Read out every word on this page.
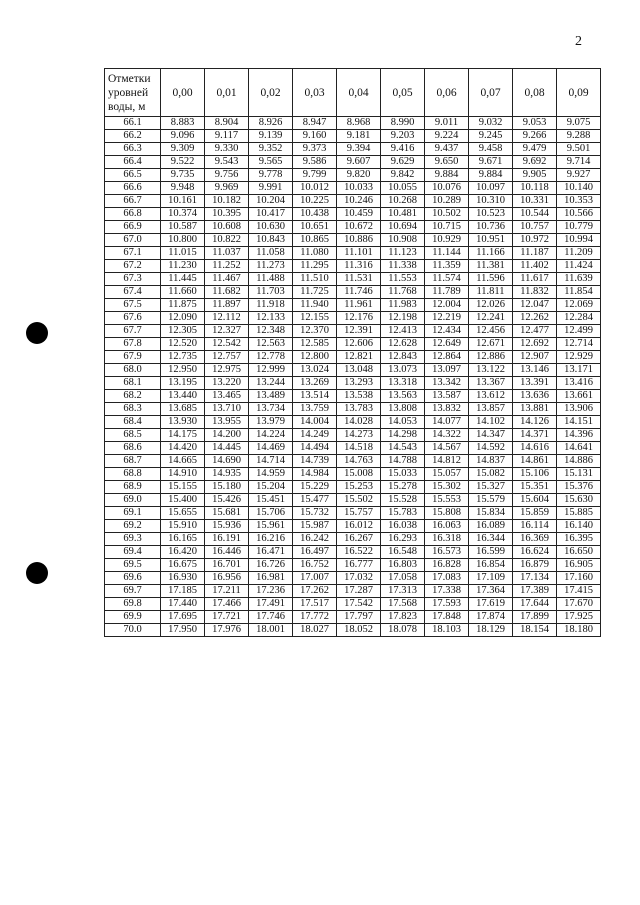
2
Отметки уровней воды, м	0,00	0,01	0,02	0,03	0,04	0,05	0,06	0,07	0,08	0,09
66.1	8.883	8.904	8.926	8.947	8.968	8.990	9.011	9.032	9.053	9.075
66.2	9.096	9.117	9.139	9.160	9.181	9.203	9.224	9.245	9.266	9.288
66.3	9.309	9.330	9.352	9.373	9.394	9.416	9.437	9.458	9.479	9.501
66.4	9.522	9.543	9.565	9.586	9.607	9.629	9.650	9.671	9.692	9.714
66.5	9.735	9.756	9.778	9.799	9.820	9.842	9.884	9.884	9.905	9.927
66.6	9.948	9.969	9.991	10.012	10.033	10.055	10.076	10.097	10.118	10.140
66.7	10.161	10.182	10.204	10.225	10.246	10.268	10.289	10.310	10.331	10.353
66.8	10.374	10.395	10.417	10.438	10.459	10.481	10.502	10.523	10.544	10.566
66.9	10.587	10.608	10.630	10.651	10.672	10.694	10.715	10.736	10.757	10.779
67.0	10.800	10.822	10.843	10.865	10.886	10.908	10.929	10.951	10.972	10.994
67.1	11.015	11.037	11.058	11.080	11.101	11.123	11.144	11.166	11.187	11.209
67.2	11.230	11.252	11.273	11.295	11.316	11.338	11.359	11.381	11.402	11.424
67.3	11.445	11.467	11.488	11.510	11.531	11.553	11.574	11.596	11.617	11.639
67.4	11.660	11.682	11.703	11.725	11.746	11.768	11.789	11.811	11.832	11.854
67.5	11.875	11.897	11.918	11.940	11.961	11.983	12.004	12.026	12.047	12.069
67.6	12.090	12.112	12.133	12.155	12.176	12.198	12.219	12.241	12.262	12.284
67.7	12.305	12.327	12.348	12.370	12.391	12.413	12.434	12.456	12.477	12.499
67.8	12.520	12.542	12.563	12.585	12.606	12.628	12.649	12.671	12.692	12.714
67.9	12.735	12.757	12.778	12.800	12.821	12.843	12.864	12.886	12.907	12.929
68.0	12.950	12.975	12.999	13.024	13.048	13.073	13.097	13.122	13.146	13.171
68.1	13.195	13.220	13.244	13.269	13.293	13.318	13.342	13.367	13.391	13.416
68.2	13.440	13.465	13.489	13.514	13.538	13.563	13.587	13.612	13.636	13.661
68.3	13.685	13.710	13.734	13.759	13.783	13.808	13.832	13.857	13.881	13.906
68.4	13.930	13.955	13.979	14.004	14.028	14.053	14.077	14.102	14.126	14.151
68.5	14.175	14.200	14.224	14.249	14.273	14.298	14.322	14.347	14.371	14.396
68.6	14.420	14.445	14.469	14.494	14.518	14.543	14.567	14.592	14.616	14.641
68.7	14.665	14.690	14.714	14.739	14.763	14.788	14.812	14.837	14.861	14.886
68.8	14.910	14.935	14.959	14.984	15.008	15.033	15.057	15.082	15.106	15.131
68.9	15.155	15.180	15.204	15.229	15.253	15.278	15.302	15.327	15.351	15.376
69.0	15.400	15.426	15.451	15.477	15.502	15.528	15.553	15.579	15.604	15.630
69.1	15.655	15.681	15.706	15.732	15.757	15.783	15.808	15.834	15.859	15.885
69.2	15.910	15.936	15.961	15.987	16.012	16.038	16.063	16.089	16.114	16.140
69.3	16.165	16.191	16.216	16.242	16.267	16.293	16.318	16.344	16.369	16.395
69.4	16.420	16.446	16.471	16.497	16.522	16.548	16.573	16.599	16.624	16.650
69.5	16.675	16.701	16.726	16.752	16.777	16.803	16.828	16.854	16.879	16.905
69.6	16.930	16.956	16.981	17.007	17.032	17.058	17.083	17.109	17.134	17.160
69.7	17.185	17.211	17.236	17.262	17.287	17.313	17.338	17.364	17.389	17.415
69.8	17.440	17.466	17.491	17.517	17.542	17.568	17.593	17.619	17.644	17.670
69.9	17.695	17.721	17.746	17.772	17.797	17.823	17.848	17.874	17.899	17.925
70.0	17.950	17.976	18.001	18.027	18.052	18.078	18.103	18.129	18.154	18.180
